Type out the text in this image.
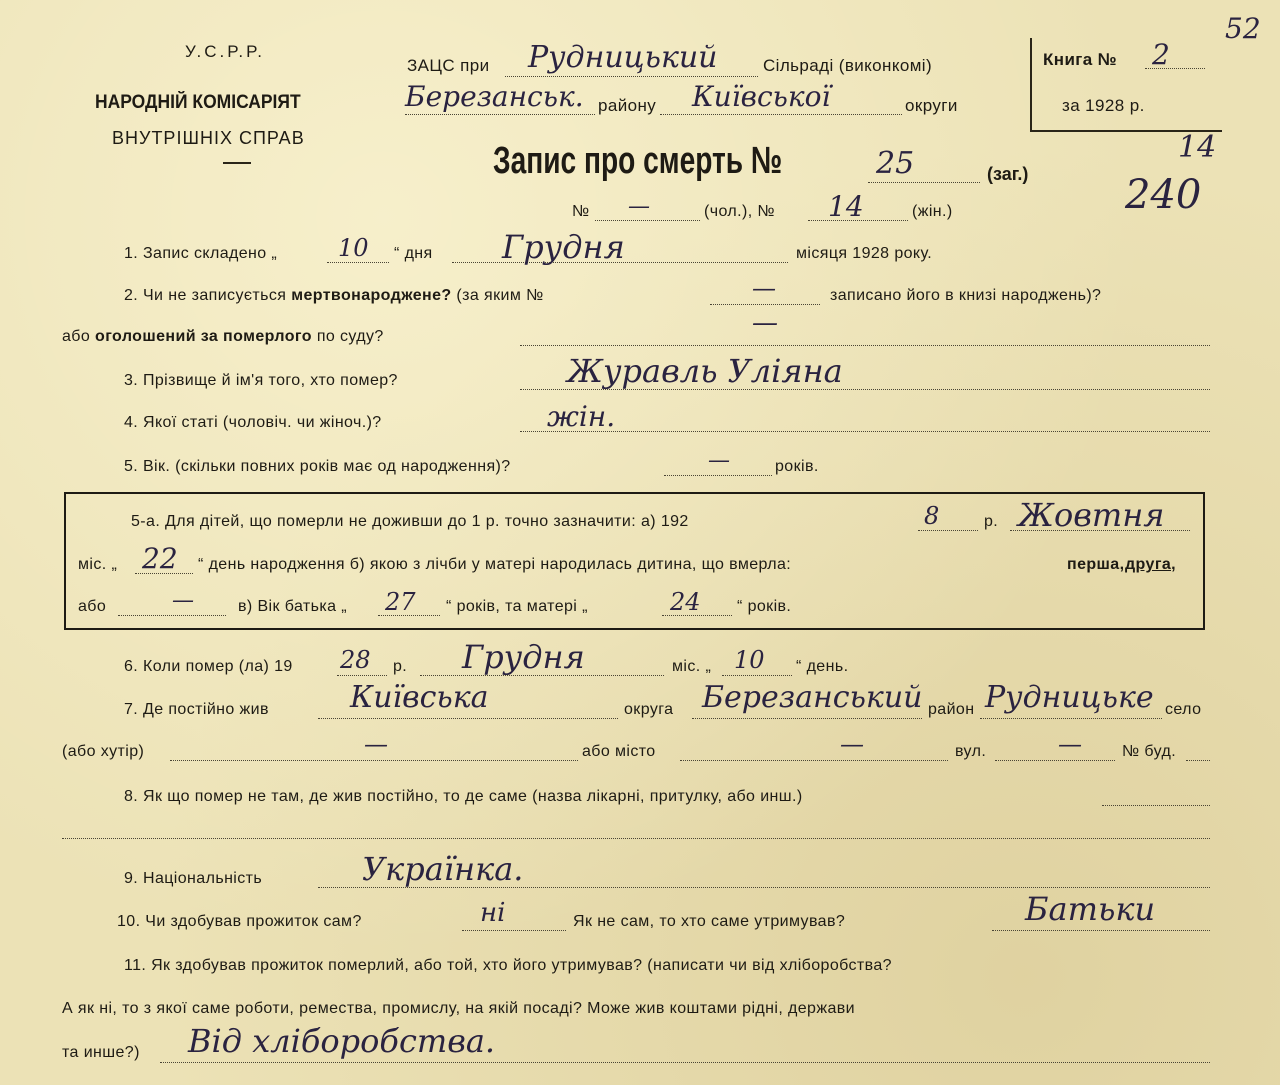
У.С.Р.Р.
НАРОДНІЙ КОМІСАРІЯТ
ВНУТРІШНІХ СПРАВ
ЗАЦС при Рудницький	Сільраді (виконкомі)
Березанськ. району Київської	округи
Книга № 2
за 1928 р.
52
14
240
Запис про смерть №	25	(заг.)
№ —	(чол.), № 14	(жін.)
1. Запис складено „	10 “ дня Грудня	місяця 1928 року.
2. Чи не записується мертвонароджене? (за яким №	—	записано його в книзі народжень)?
або оголошений за померлого по суду?	—
3. Прізвище й ім'я того, хто помер?	Журавль Уліяна
4. Якої статі (чоловіч. чи жіноч.)?	жін.
5. Вік. (скільки повних років має од народження)?	—	років.
5-а. Для дітей, що померли не доживши до 1 р. точно зазначити: а) 192	8	р. Жовтня
міс. „ 22 “ день народження б) якою з лічби у матері народилась дитина, що вмерла:	перша, друга,
або	—	в) Вік батька „ 27 “ років, та матері „	24 “ років.
6. Коли помер (ла) 19 28 р. Грудня	міс. „ 10 “ день.
7. Де постійно жив	Київська	округа Березанський район Рудницьке село
(або хутір)	—	або місто	—	вул.	—	№ буд.
8. Як що помер не там, де жив постійно, то де саме (назва лікарні, притулку, або инш.)
9. Національність	Українка.
10. Чи здобував прожиток сам?	ні	Як не сам, то хто саме утримував?	Батьки
11. Як здобував прожиток померлий, або той, хто його утримував? (написати чи від хліборобства?
А як ні, то з якої саме роботи, ремества, промислу, на якій посаді? Може жив коштами рідні, держави
та инше?) Від хліборобства.
